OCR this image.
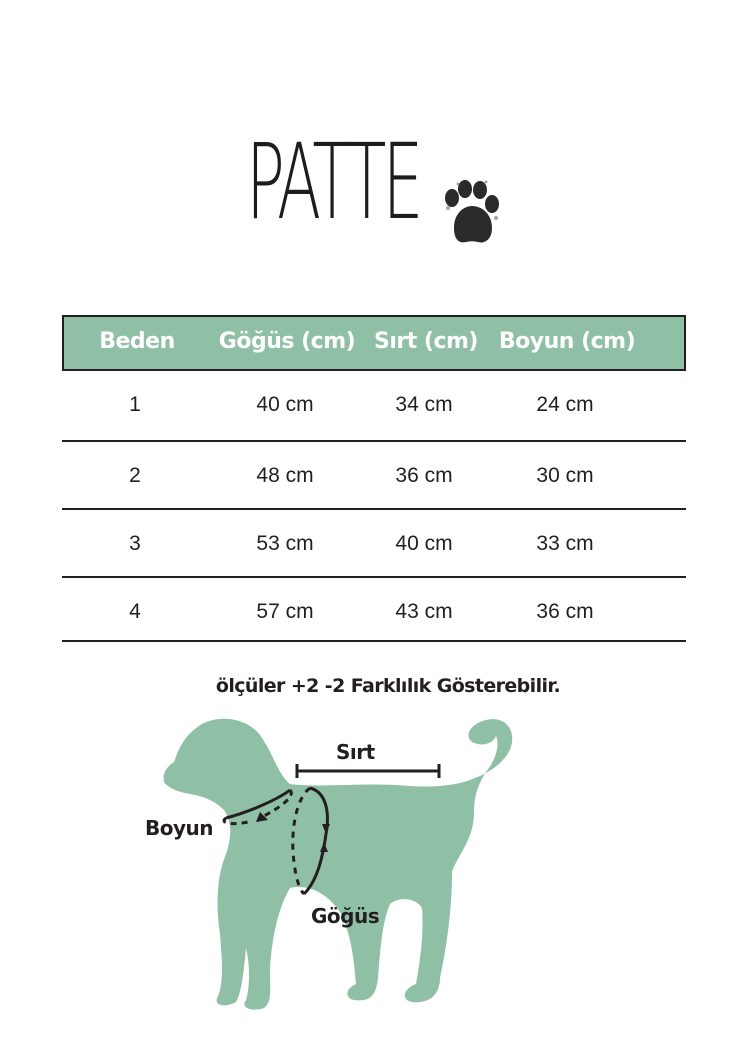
PATTE
Beden Göğüs (cm) Sırt (cm) Boyun (cm)
1	40 cm	34 cm	24 cm
2	48 cm	36 cm	30 cm
3	53 cm	40 cm	33 cm
4	57 cm	43 cm	36 cm
ölçüler +2 -2 Farklılık Gösterebilir.
Sırt
Boyun
Göğüs
